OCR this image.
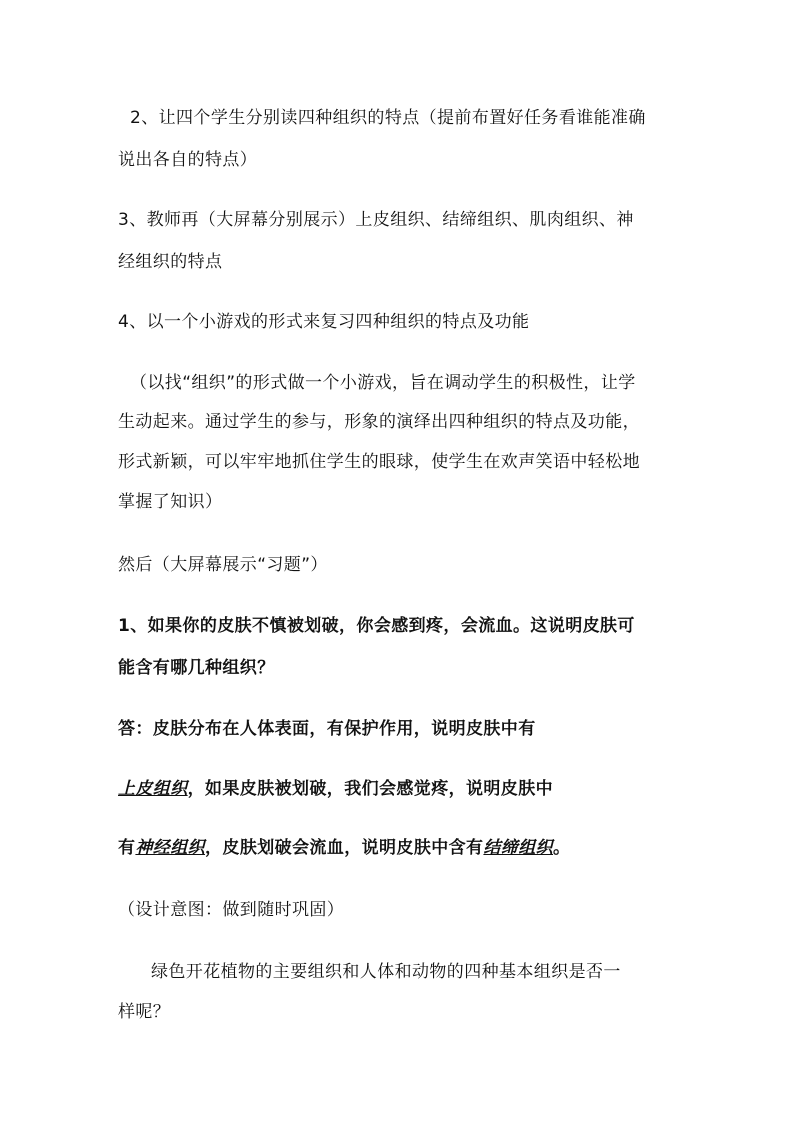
2、让四个学生分别读四种组织的特点（提前布置好任务看谁能准确
说出各自的特点）
3、教师再（大屏幕分别展示）上皮组织、结缔组织、肌肉组织、神
经组织的特点
4、以一个小游戏的形式来复习四种组织的特点及功能
（以找“组织”的形式做一个小游戏，旨在调动学生的积极性，让学
生动起来。通过学生的参与，形象的演绎出四种组织的特点及功能，
形式新颖，可以牢牢地抓住学生的眼球，使学生在欢声笑语中轻松地
掌握了知识）
然后（大屏幕展示“习题”）
1、如果你的皮肤不慎被划破，你会感到疼，会流血。这说明皮肤可
能含有哪几种组织？
答：皮肤分布在人体表面，有保护作用，说明皮肤中有
上皮组织，如果皮肤被划破，我们会感觉疼，说明皮肤中
有神经组织，皮肤划破会流血，说明皮肤中含有结缔组织。
（设计意图：做到随时巩固）
绿色开花植物的主要组织和人体和动物的四种基本组织是否一
样呢？
